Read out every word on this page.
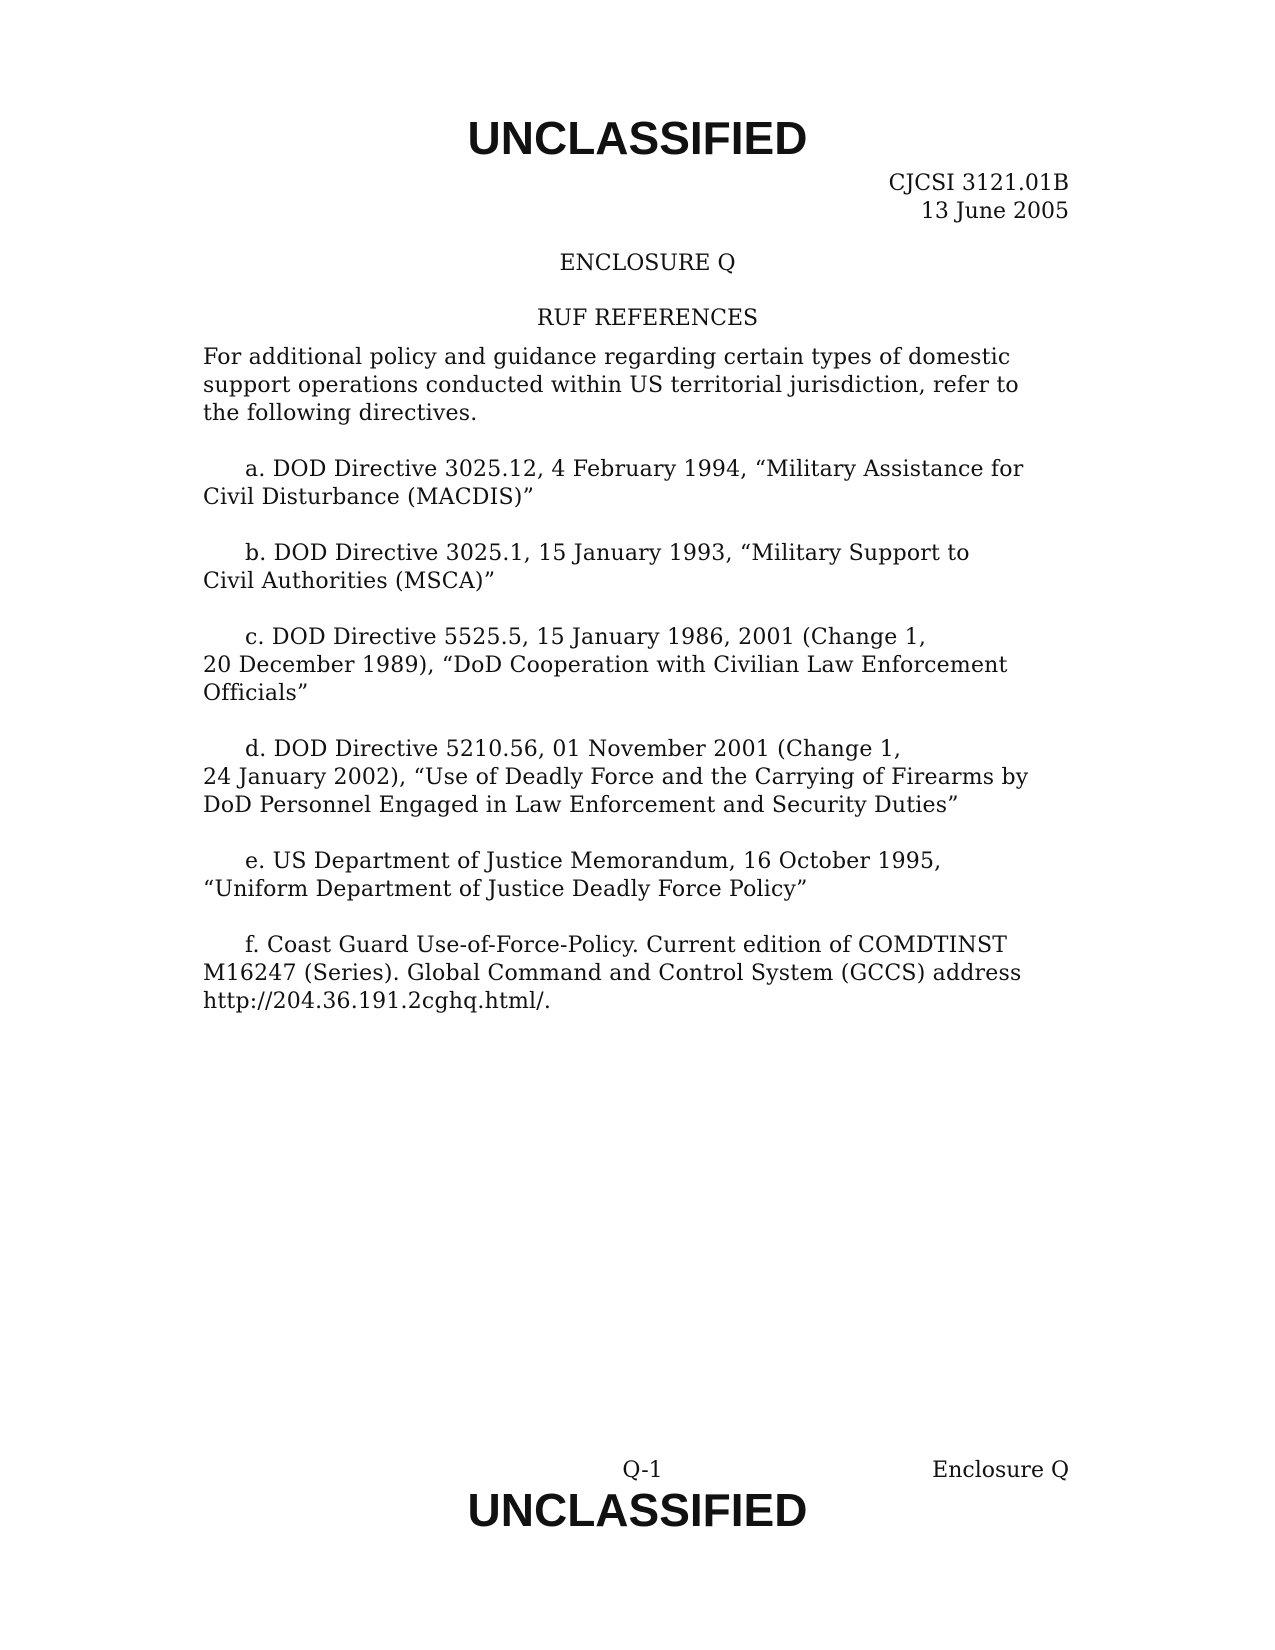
UNCLASSIFIED
CJCSI 3121.01B
13 June 2005
ENCLOSURE Q
RUF REFERENCES

For additional policy and guidance regarding certain types of domestic
support operations conducted within US territorial jurisdiction, refer to
the following directives.

a. DOD Directive 3025.12, 4 February 1994, “Military Assistance for
Civil Disturbance (MACDIS)”

b. DOD Directive 3025.1, 15 January 1993, “Military Support to
Civil Authorities (MSCA)”

c. DOD Directive 5525.5, 15 January 1986, 2001 (Change 1,
20 December 1989), “DoD Cooperation with Civilian Law Enforcement
Officials”

d. DOD Directive 5210.56, 01 November 2001 (Change 1,
24 January 2002), “Use of Deadly Force and the Carrying of Firearms by
DoD Personnel Engaged in Law Enforcement and Security Duties”

e. US Department of Justice Memorandum, 16 October 1995,
“Uniform Department of Justice Deadly Force Policy”

f. Coast Guard Use-of-Force-Policy. Current edition of COMDTINST
M16247 (Series). Global Command and Control System (GCCS) address
http://204.36.191.2cghq.html/.

Q-1	Enclosure Q
UNCLASSIFIED
